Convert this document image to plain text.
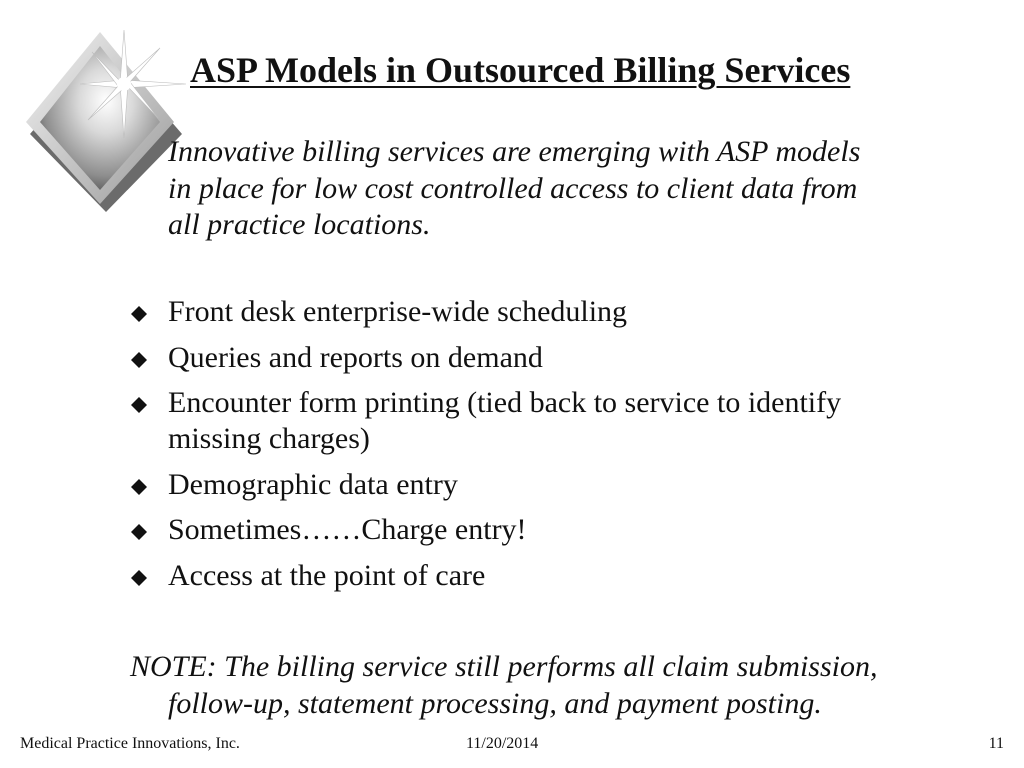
ASP Models in Outsourced Billing Services
Innovative billing services are emerging with ASP models
in place for low cost controlled access to client data from
all practice locations.
Front desk enterprise-wide scheduling
Queries and reports on demand
Encounter form printing (tied back to service to identify
missing charges)
Demographic data entry
Sometimes……Charge entry!
Access at the point of care
NOTE: The billing service still performs all claim submission,
follow-up, statement processing, and payment posting.
Medical Practice Innovations, Inc.	11/20/2014	11
